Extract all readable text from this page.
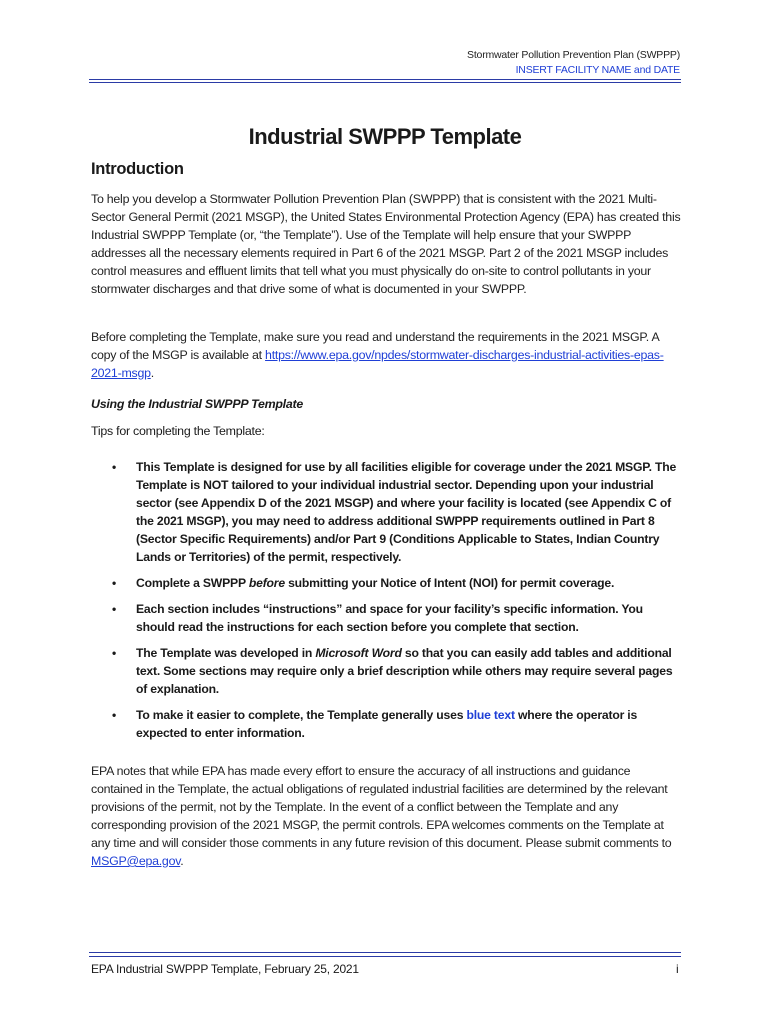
Stormwater Pollution Prevention Plan (SWPPP)
INSERT FACILITY NAME and DATE
Industrial SWPPP Template
Introduction

To help you develop a Stormwater Pollution Prevention Plan (SWPPP) that is consistent with the 2021 Multi-Sector General Permit (2021 MSGP), the United States Environmental Protection Agency (EPA) has created this Industrial SWPPP Template (or, “the Template”). Use of the Template will help ensure that your SWPPP addresses all the necessary elements required in Part 6 of the 2021 MSGP. Part 2 of the 2021 MSGP includes control measures and effluent limits that tell what you must physically do on-site to control pollutants in your stormwater discharges and that drive some of what is documented in your SWPPP.

Before completing the Template, make sure you read and understand the requirements in the 2021 MSGP. A copy of the MSGP is available at https://www.epa.gov/npdes/stormwater-discharges-industrial-activities-epas-2021-msgp.

Using the Industrial SWPPP Template
Tips for completing the Template:
• This Template is designed for use by all facilities eligible for coverage under the 2021 MSGP. The Template is NOT tailored to your individual industrial sector. Depending upon your industrial sector (see Appendix D of the 2021 MSGP) and where your facility is located (see Appendix C of the 2021 MSGP), you may need to address additional SWPPP requirements outlined in Part 8 (Sector Specific Requirements) and/or Part 9 (Conditions Applicable to States, Indian Country Lands or Territories) of the permit, respectively.
• Complete a SWPPP before submitting your Notice of Intent (NOI) for permit coverage.
• Each section includes “instructions” and space for your facility’s specific information. You should read the instructions for each section before you complete that section.
• The Template was developed in Microsoft Word so that you can easily add tables and additional text. Some sections may require only a brief description while others may require several pages of explanation.
• To make it easier to complete, the Template generally uses blue text where the operator is expected to enter information.

EPA notes that while EPA has made every effort to ensure the accuracy of all instructions and guidance contained in the Template, the actual obligations of regulated industrial facilities are determined by the relevant provisions of the permit, not by the Template. In the event of a conflict between the Template and any corresponding provision of the 2021 MSGP, the permit controls. EPA welcomes comments on the Template at any time and will consider those comments in any future revision of this document. Please submit comments to MSGP@epa.gov.

EPA Industrial SWPPP Template, February 25, 2021	i
